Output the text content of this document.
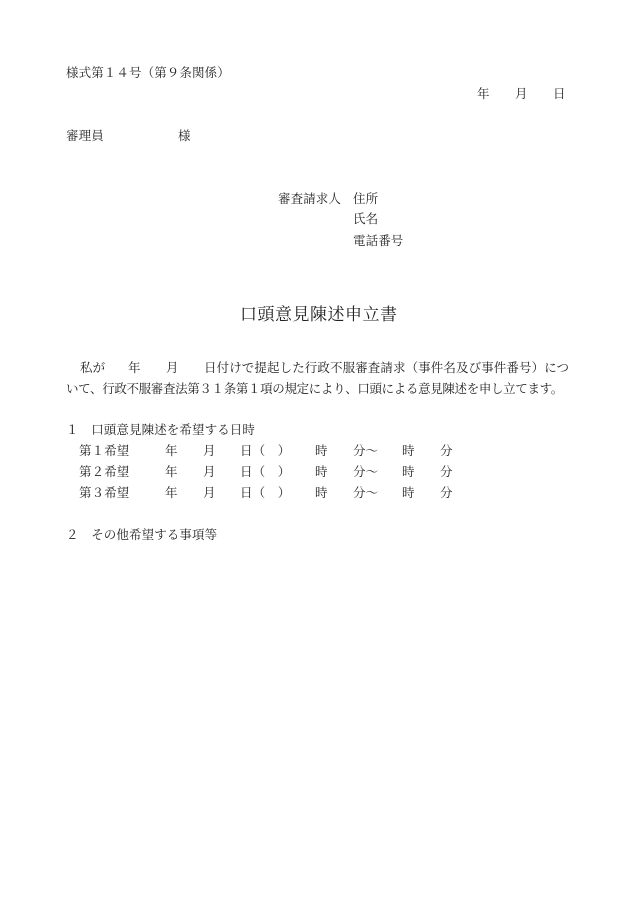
様式第１４号（第９条関係）
年 月 日
審理員	様
審査請求人 住所
氏名
電話番号
口頭意見陳述申立書
私が 年 月 日付けで提起した行政不服審査請求（事件名及び事件番号）につ
いて、行政不服審査法第３１条第１項の規定により、口頭による意見陳述を申し立てます。
１　口頭意見陳述を希望する日時
第１希望	年 月 日（　） 時 分～ 時 分
第２希望	年 月 日（　） 時 分～ 時 分
第３希望	年 月 日（　） 時 分～ 時 分
２　その他希望する事項等
